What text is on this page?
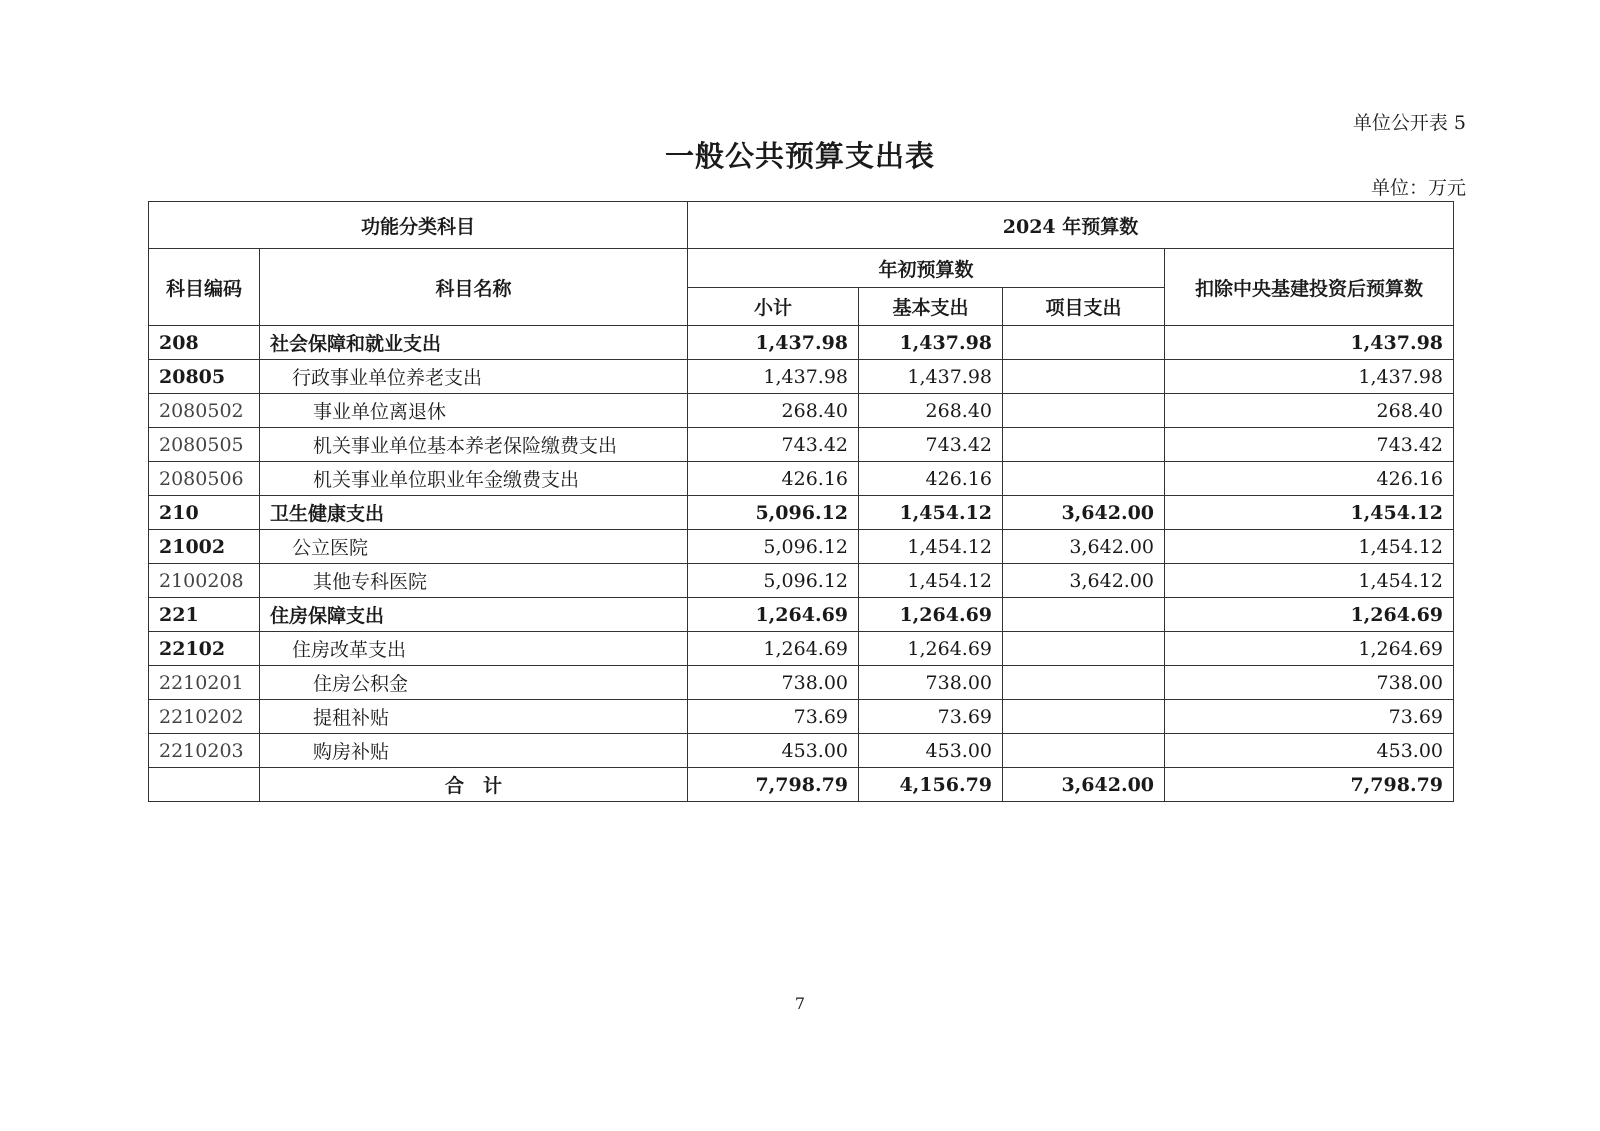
单位公开表 5
一般公共预算支出表
单位：万元
功能分类科目		2024 年预算数			
科目编码	科目名称	年初预算数			扣除中央基建投资后预算数
		小计	基本支出	项目支出	
208	社会保障和就业支出	1,437.98	1,437.98		1,437.98
20805	行政事业单位养老支出	1,437.98	1,437.98		1,437.98
2080502	事业单位离退休	268.40	268.40		268.40
2080505	机关事业单位基本养老保险缴费支出	743.42	743.42		743.42
2080506	机关事业单位职业年金缴费支出	426.16	426.16		426.16
210	卫生健康支出	5,096.12	1,454.12	3,642.00	1,454.12
21002	公立医院	5,096.12	1,454.12	3,642.00	1,454.12
2100208	其他专科医院	5,096.12	1,454.12	3,642.00	1,454.12
221	住房保障支出	1,264.69	1,264.69		1,264.69
22102	住房改革支出	1,264.69	1,264.69		1,264.69
2210201	住房公积金	738.00	738.00		738.00
2210202	提租补贴	73.69	73.69		73.69
2210203	购房补贴	453.00	453.00		453.00
	合　计	7,798.79	4,156.79	3,642.00	7,798.79
7
